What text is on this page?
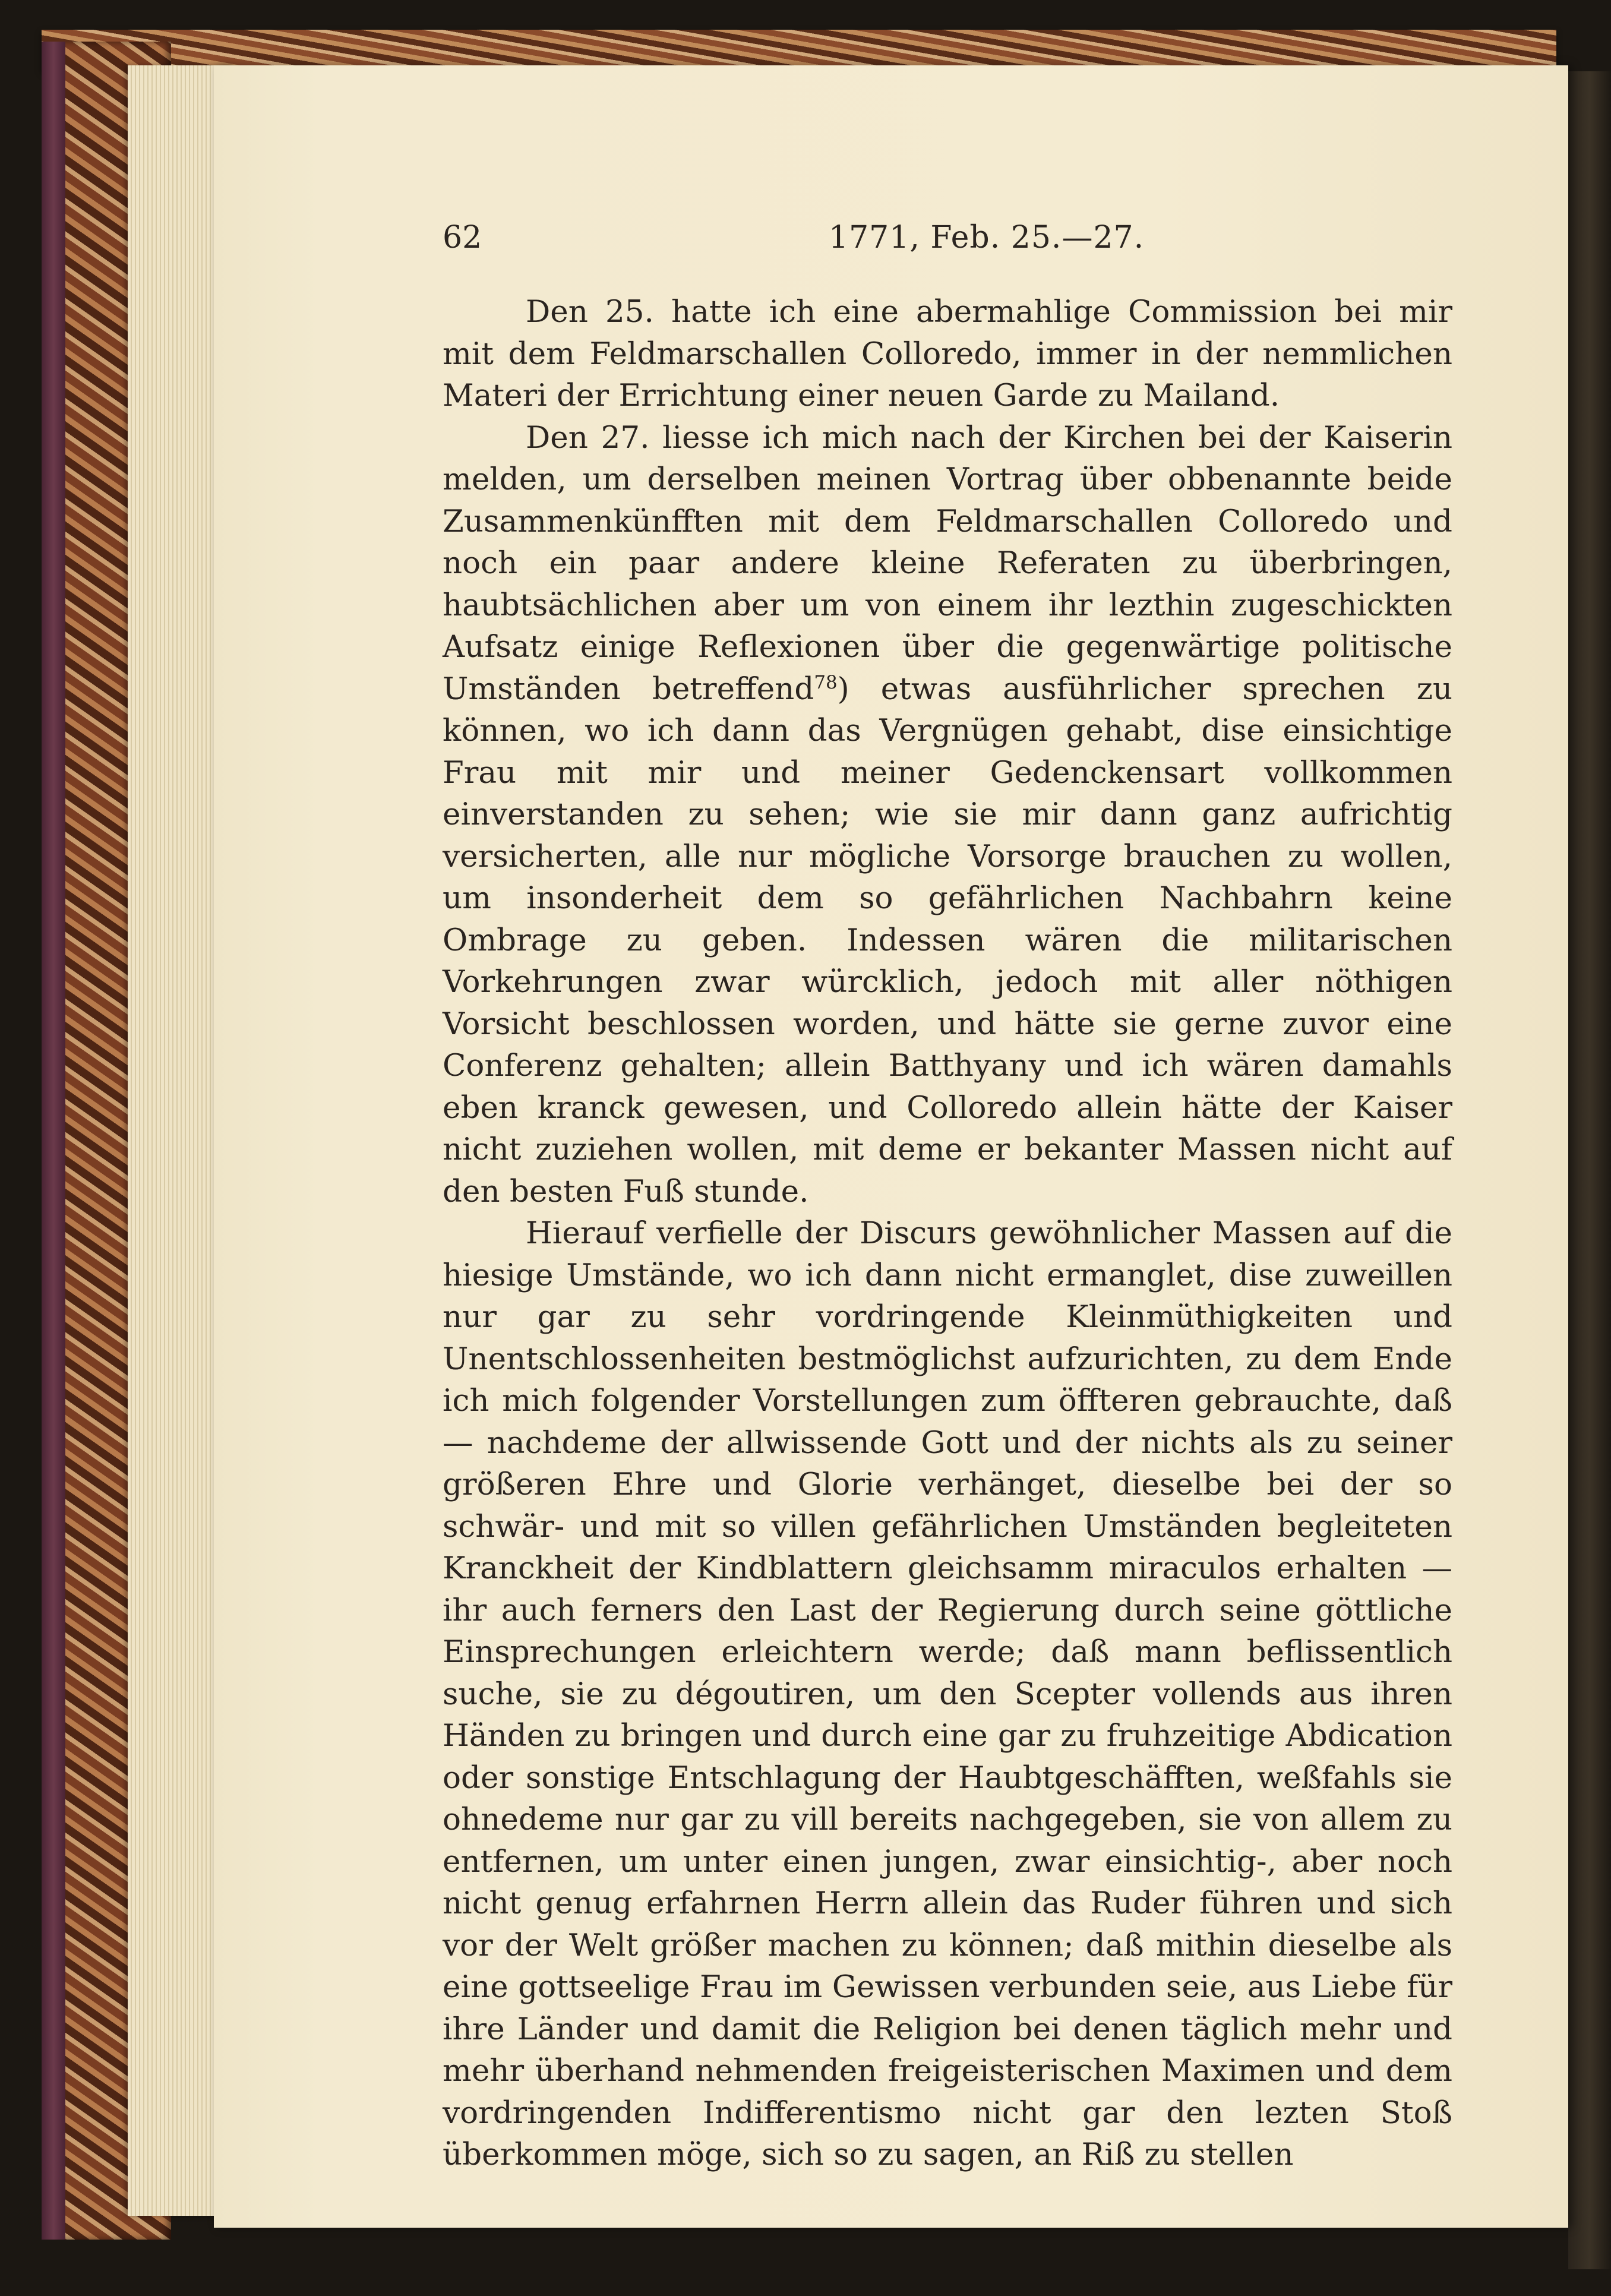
62	1771, Feb. 25.—27.

Den 25. hatte ich eine abermahlige Commission bei mir mit dem Feldmarschallen Colloredo, immer in der nemmlichen Materi der Errichtung einer neuen Garde zu Mailand.

Den 27. liesse ich mich nach der Kirchen bei der Kaiserin melden, um derselben meinen Vortrag über obbenannte beide Zusammenkünfften mit dem Feldmarschallen Colloredo und noch ein paar andere kleine Referaten zu überbringen, haubtsächlichen aber um von einem ihr lezthin zugeschickten Aufsatz einige Reflexionen über die gegenwärtige politische Umständen betreffend$^{78}$) etwas ausführlicher sprechen zu können, wo ich dann das Vergnügen gehabt, dise einsichtige Frau mit mir und meiner Gedenckensart vollkommen einverstanden zu sehen; wie sie mir dann ganz aufrichtig versicherten, alle nur mögliche Vorsorge brauchen zu wollen, um insonderheit dem so gefährlichen Nachbahrn keine Ombrage zu geben. Indessen wären die militarischen Vorkehrungen zwar würcklich, jedoch mit aller nöthigen Vorsicht beschlossen worden, und hätte sie gerne zuvor eine Conferenz gehalten; allein Batthyany und ich wären damahls eben kranck gewesen, und Colloredo allein hätte der Kaiser nicht zuziehen wollen, mit deme er bekanter Massen nicht auf den besten Fuß stunde.

Hierauf verfielle der Discurs gewöhnlicher Massen auf die hiesige Umstände, wo ich dann nicht ermanglet, dise zuweillen nur gar zu sehr vordringende Kleinmüthigkeiten und Unentschlossenheiten bestmöglichst aufzurichten, zu dem Ende ich mich folgender Vorstellungen zum öffteren gebrauchte, daß — nachdeme der allwissende Gott und der nichts als zu seiner größeren Ehre und Glorie verhänget, dieselbe bei der so schwär- und mit so villen gefährlichen Umständen begleiteten Kranckheit der Kindblattern gleichsamm miraculos erhalten — ihr auch ferners den Last der Regierung durch seine göttliche Einsprechungen erleichtern werde; daß mann beflissentlich suche, sie zu dégoutiren, um den Scepter vollends aus ihren Händen zu bringen und durch eine gar zu fruhzeitige Abdication oder sonstige Entschlagung der Haubtgeschäfften, weßfahls sie ohnedeme nur gar zu vill bereits nachgegeben, sie von allem zu entfernen, um unter einen jungen, zwar einsichtig-, aber noch nicht genug erfahrnen Herrn allein das Ruder führen und sich vor der Welt größer machen zu können; daß mithin dieselbe als eine gottseelige Frau im Gewissen verbunden seie, aus Liebe für ihre Länder und damit die Religion bei denen täglich mehr und mehr überhand nehmenden freigeisterischen Maximen und dem vordringenden Indifferentismo nicht gar den lezten Stoß überkommen möge, sich so zu sagen, an Riß zu stellen
